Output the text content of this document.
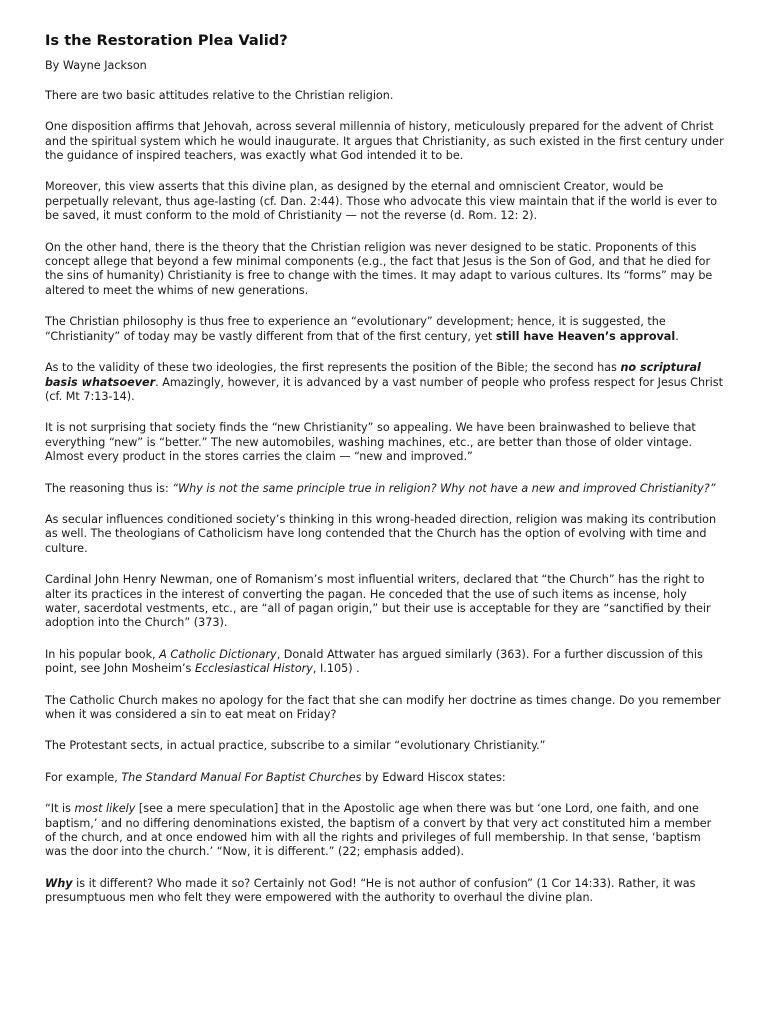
Is the Restoration Plea Valid?

By Wayne Jackson

There are two basic attitudes relative to the Christian religion.

One disposition affirms that Jehovah, across several millennia of history, meticulously prepared for the advent of Christ and the spiritual system which he would inaugurate. It argues that Christianity, as such existed in the first century under the guidance of inspired teachers, was exactly what God intended it to be.

Moreover, this view asserts that this divine plan, as designed by the eternal and omniscient Creator, would be perpetually relevant, thus age-lasting (cf. Dan. 2:44). Those who advocate this view maintain that if the world is ever to be saved, it must conform to the mold of Christianity — not the reverse (d. Rom. 12: 2).

On the other hand, there is the theory that the Christian religion was never designed to be static. Proponents of this concept allege that beyond a few minimal components (e.g., the fact that Jesus is the Son of God, and that he died for the sins of humanity) Christianity is free to change with the times. It may adapt to various cultures. Its “forms” may be altered to meet the whims of new generations.

The Christian philosophy is thus free to experience an “evolutionary” development; hence, it is suggested, the “Christianity” of today may be vastly different from that of the first century, yet still have Heaven’s approval.

As to the validity of these two ideologies, the first represents the position of the Bible; the second has no scriptural basis whatsoever. Amazingly, however, it is advanced by a vast number of people who profess respect for Jesus Christ (cf. Mt 7:13-14).

It is not surprising that society finds the “new Christianity” so appealing. We have been brainwashed to believe that everything “new” is “better.” The new automobiles, washing machines, etc., are better than those of older vintage. Almost every product in the stores carries the claim — “new and improved.”

The reasoning thus is: “Why is not the same principle true in religion? Why not have a new and improved Christianity?”

As secular influences conditioned society’s thinking in this wrong-headed direction, religion was making its contribution as well. The theologians of Catholicism have long contended that the Church has the option of evolving with time and culture.

Cardinal John Henry Newman, one of Romanism’s most influential writers, declared that “the Church” has the right to alter its practices in the interest of converting the pagan. He conceded that the use of such items as incense, holy water, sacerdotal vestments, etc., are “all of pagan origin,” but their use is acceptable for they are “sanctified by their adoption into the Church” (373).

In his popular book, A Catholic Dictionary, Donald Attwater has argued similarly (363). For a further discussion of this point, see John Mosheim’s Ecclesiastical History, I.105) .

The Catholic Church makes no apology for the fact that she can modify her doctrine as times change. Do you remember when it was considered a sin to eat meat on Friday?

The Protestant sects, in actual practice, subscribe to a similar “evolutionary Christianity.”

For example, The Standard Manual For Baptist Churches by Edward Hiscox states:

“It is most likely [see a mere speculation] that in the Apostolic age when there was but ‘one Lord, one faith, and one baptism,’ and no differing denominations existed, the baptism of a convert by that very act constituted him a member of the church, and at once endowed him with all the rights and privileges of full membership. In that sense, ‘baptism was the door into the church.’ “Now, it is different.” (22; emphasis added).

Why is it different? Who made it so? Certainly not God! “He is not author of confusion” (1 Cor 14:33). Rather, it was presumptuous men who felt they were empowered with the authority to overhaul the divine plan.
